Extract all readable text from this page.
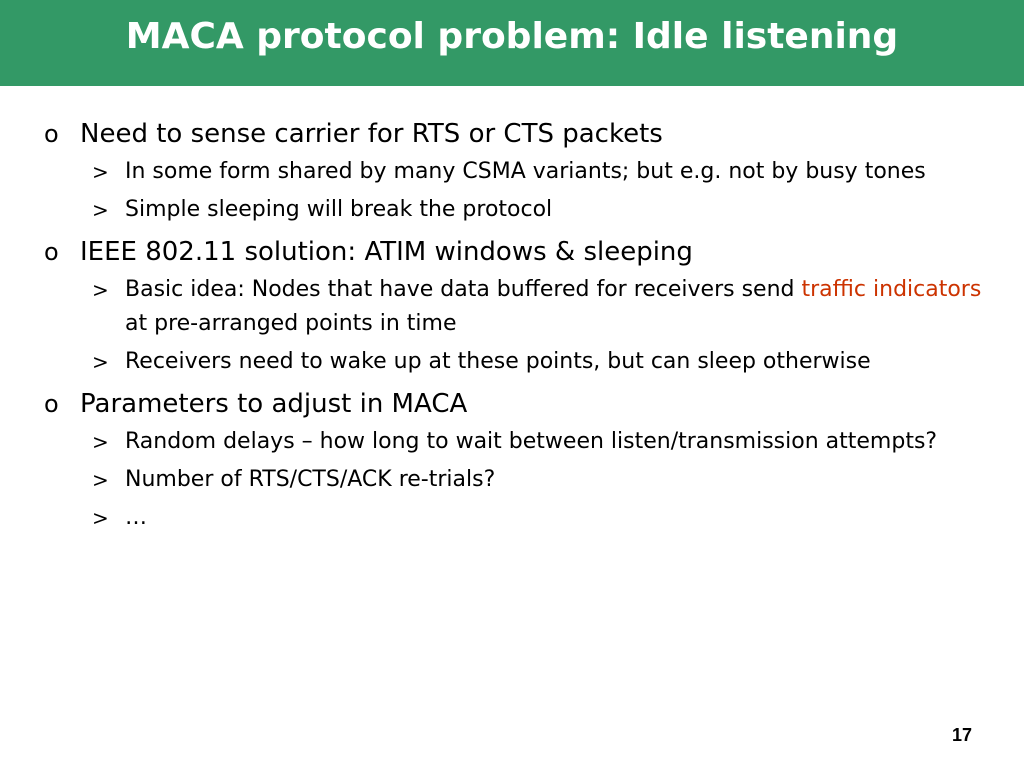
MACA protocol problem: Idle listening
o Need to sense carrier for RTS or CTS packets
> In some form shared by many CSMA variants; but e.g. not by busy tones
> Simple sleeping will break the protocol
o IEEE 802.11 solution: ATIM windows & sleeping
> Basic idea: Nodes that have data buffered for receivers send traffic indicators at pre-arranged points in time
> Receivers need to wake up at these points, but can sleep otherwise
o Parameters to adjust in MACA
> Random delays – how long to wait between listen/transmission attempts?
> Number of RTS/CTS/ACK re-trials?
> …
17
